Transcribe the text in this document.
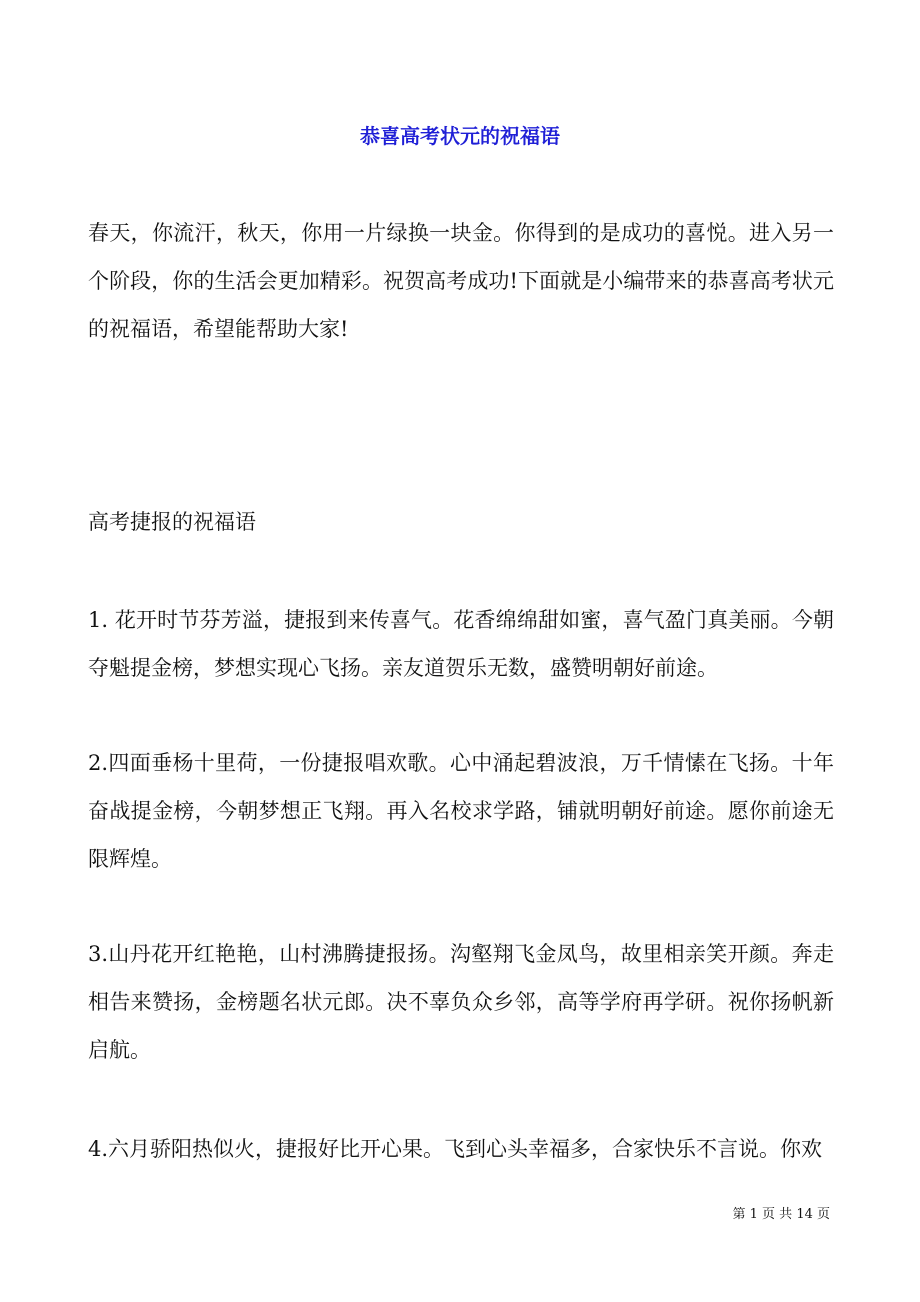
恭喜高考状元的祝福语

春天，你流汗，秋天，你用一片绿换一块金。你得到的是成功的喜悦。进入另一个阶段，你的生活会更加精彩。祝贺高考成功!下面就是小编带来的恭喜高考状元的祝福语，希望能帮助大家!

高考捷报的祝福语

1. 花开时节芬芳溢，捷报到来传喜气。花香绵绵甜如蜜，喜气盈门真美丽。今朝夺魁提金榜，梦想实现心飞扬。亲友道贺乐无数，盛赞明朝好前途。

2.四面垂杨十里荷，一份捷报唱欢歌。心中涌起碧波浪，万千情愫在飞扬。十年奋战提金榜，今朝梦想正飞翔。再入名校求学路，铺就明朝好前途。愿你前途无限辉煌。

3.山丹花开红艳艳，山村沸腾捷报扬。沟壑翔飞金凤鸟，故里相亲笑开颜。奔走相告来赞扬，金榜题名状元郎。决不辜负众乡邻，高等学府再学研。祝你扬帆新启航。

4.六月骄阳热似火，捷报好比开心果。飞到心头幸福多，合家快乐不言说。你欢

第 1 页 共 14 页
